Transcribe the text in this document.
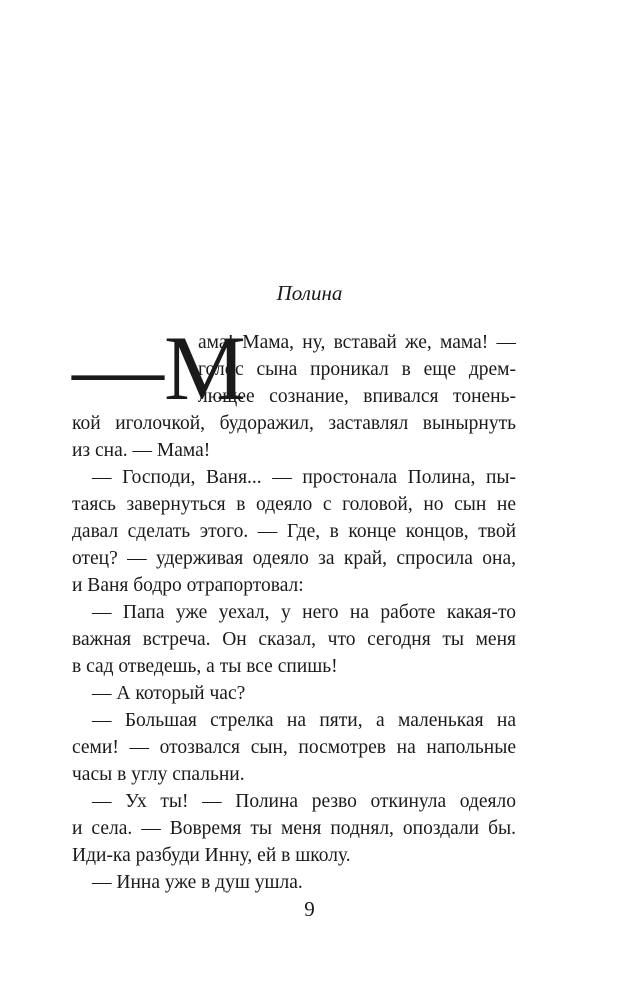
Полина
—М
ама! Мама, ну, вставай же, мама! —
голос сына проникал в еще дрем-
лющее сознание, впивался тонень-
кой иголочкой, будоражил, заставлял вынырнуть
из сна. — Мама!
— Господи, Ваня... — простонала Полина, пы-
таясь завернуться в одеяло с головой, но сын не
давал сделать этого. — Где, в конце концов, твой
отец? — удерживая одеяло за край, спросила она,
и Ваня бодро отрапортовал:
— Папа уже уехал, у него на работе какая-то
важная встреча. Он сказал, что сегодня ты меня
в сад отведешь, а ты все спишь!
— А который час?
— Большая стрелка на пяти, а маленькая на
семи! — отозвался сын, посмотрев на напольные
часы в углу спальни.
— Ух ты! — Полина резво откинула одеяло
и села. — Вовремя ты меня поднял, опоздали бы.
Иди-ка разбуди Инну, ей в школу.
— Инна уже в душ ушла.
9
